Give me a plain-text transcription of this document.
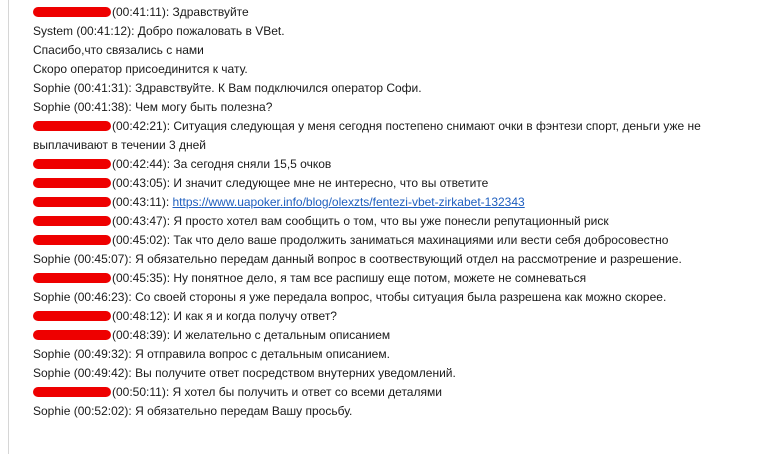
(00:41:11): Здравствуйте
System (00:41:12): Добро пожаловать в VBet.
Спасибо,что связались с нами
Скоро оператор присоединится к чату.
Sophie (00:41:31): Здравствуйте. К Вам подключился оператор Софи.
Sophie (00:41:38): Чем могу быть полезна?
(00:42:21): Ситуация следующая у меня сегодня постепено снимают очки в фэнтези спорт, деньги уже не выплачивают в течении 3 дней
(00:42:44): За сегодня сняли 15,5 очков
(00:43:05): И значит следующее мне не интересно, что вы ответите
(00:43:11): https://www.uapoker.info/blog/olexzts/fentezi-vbet-zirkabet-132343
(00:43:47): Я просто хотел вам сообщить о том, что вы уже понесли репутационный риск
(00:45:02): Так что дело ваше продолжить заниматься махинациями или вести себя добросовестно
Sophie (00:45:07): Я обязательно передам данный вопрос в соотвествующий отдел на рассмотрение и разрешение.
(00:45:35): Ну понятное дело, я там все распишу еще потом, можете не сомневаться
Sophie (00:46:23): Со своей стороны я уже передала вопрос, чтобы ситуация была разрешена как можно скорее.
(00:48:12): И как я и когда получу ответ?
(00:48:39): И желательно с детальным описанием
Sophie (00:49:32): Я отправила вопрос с детальным описанием.
Sophie (00:49:42): Вы получите ответ посредством внутерних уведомлений.
(00:50:11): Я хотел бы получить и ответ со всеми деталями
Sophie (00:52:02): Я обязательно передам Вашу просьбу.
